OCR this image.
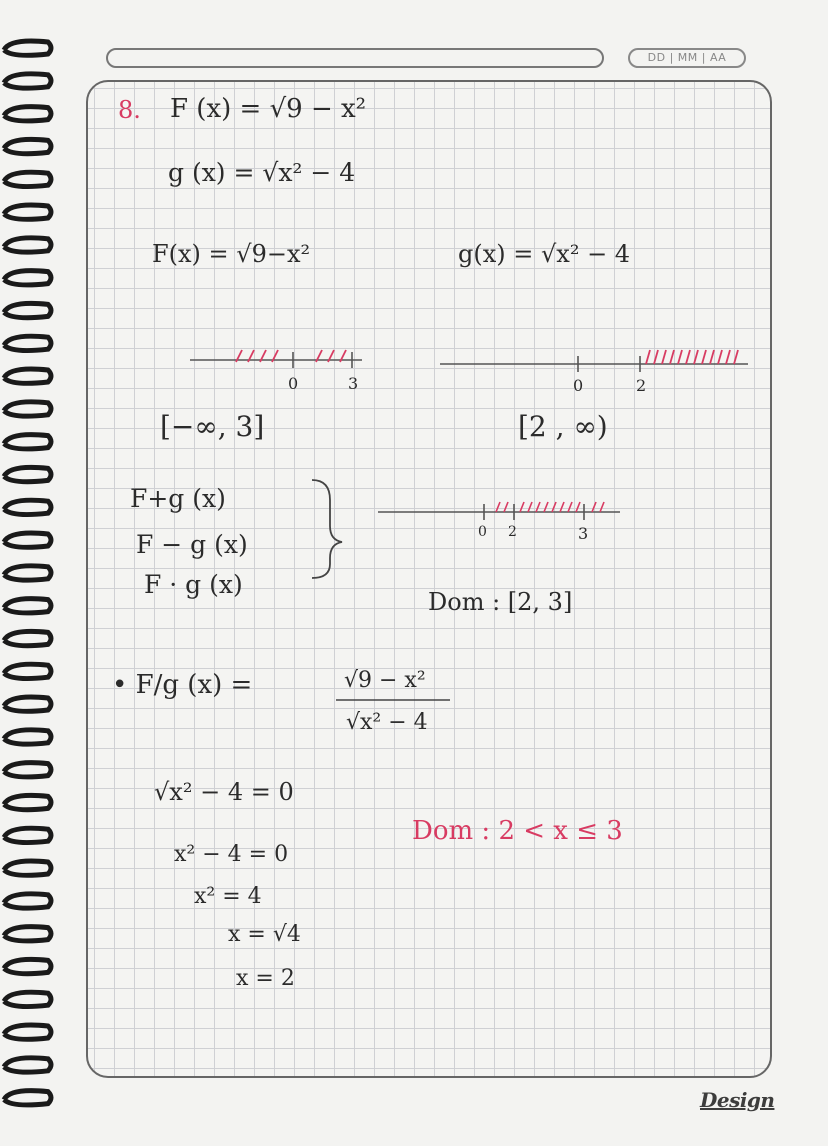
DD | MM | AA
8. F (x) = √9 − x²
g (x) = √x² − 4
F(x) = √9−x²	g(x) = √x² − 4
0	3	0	2
[−∞, 3]	[2 , ∞)
F+g (x)
F − g (x)
F · g (x)
0 2	3
Dom : [2, 3]
• F/g (x) =	√9 − x²
√x² − 4
√x² − 4 = 0
Dom : 2 < x ≤ 3
x² − 4 = 0
x² = 4
x = √4
x = 2
Design
